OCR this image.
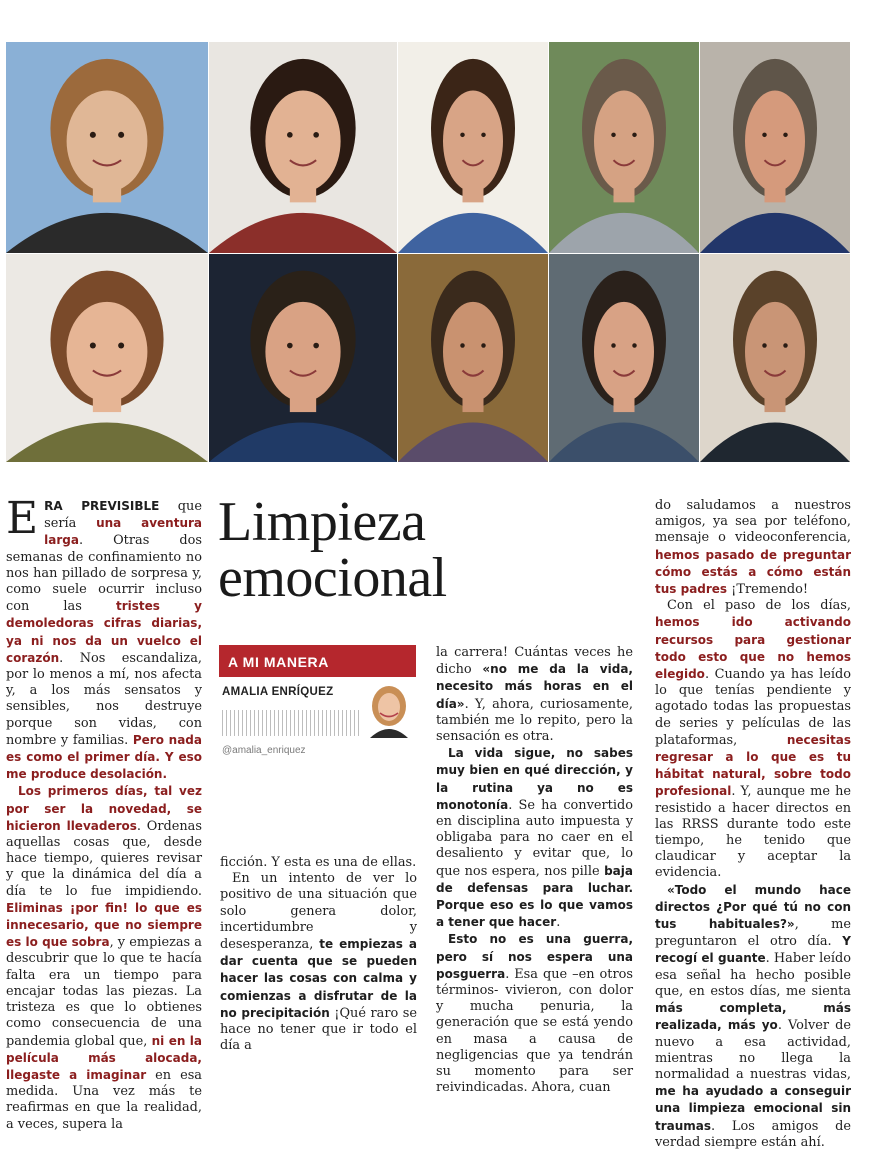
ERA PREVISIBLE que sería una aventura larga. Otras dos semanas de confinamiento no nos han pillado de sorpresa y, como suele ocurrir incluso con las tristes y demoledoras cifras diarias, ya ni nos da un vuelco el corazón. Nos escandaliza, por lo menos a mí, nos afecta y, a los más sensatos y sensibles, nos destruye porque son vidas, con nombre y familias. Pero nada es como el primer día. Y eso me produce desolación.

Los primeros días, tal vez por ser la novedad, se hicieron llevaderos. Ordenas aquellas cosas que, desde hace tiempo, quieres revisar y que la dinámica del día a día te lo fue impidiendo. Eliminas ¡por fin! lo que es innecesario, que no siempre es lo que sobra, y empiezas a descubrir que lo que te hacía falta era un tiempo para encajar todas las piezas. La tristeza es que lo obtienes como consecuencia de una pandemia global que, ni en la película más alocada, llegaste a imaginar en esa medida. Una vez más te reafirmas en que la realidad, a veces, supera la

Limpieza
emocional
A MI MANERA
AMALIA ENRÍQUEZ
@amalia_enriquez

ficción. Y esta es una de ellas.

En un intento de ver lo positivo de una situación que solo genera dolor, incertidumbre y desesperanza, te empiezas a dar cuenta que se pueden hacer las cosas con calma y comienzas a disfrutar de la no precipitación ¡Qué raro se hace no tener que ir todo el día a

la carrera! Cuántas veces he dicho «no me da la vida, necesito más horas en el día». Y, ahora, curiosamente, también me lo repito, pero la sensación es otra.

La vida sigue, no sabes muy bien en qué dirección, y la rutina ya no es monotonía. Se ha convertido en disciplina auto impuesta y obligaba para no caer en el desaliento y evitar que, lo que nos espera, nos pille baja de defensas para luchar. Porque eso es lo que vamos a tener que hacer.

Esto no es una guerra, pero sí nos espera una posguerra. Esa que –en otros términos- vivieron, con dolor y mucha penuria, la generación que se está yendo en masa a causa de negligencias que ya tendrán su momento para ser reivindicadas. Ahora, cuan

do saludamos a nuestros amigos, ya sea por teléfono, mensaje o videoconferencia, hemos pasado de preguntar cómo estás a cómo están tus padres ¡Tremendo!

Con el paso de los días, hemos ido activando recursos para gestionar todo esto que no hemos elegido. Cuando ya has leído lo que tenías pendiente y agotado todas las propuestas de series y películas de las plataformas, necesitas regresar a lo que es tu hábitat natural, sobre todo profesional. Y, aunque me he resistido a hacer directos en las RRSS durante todo este tiempo, he tenido que claudicar y aceptar la evidencia.

«Todo el mundo hace directos ¿Por qué tú no con tus habituales?», me preguntaron el otro día. Y recogí el guante. Haber leído esa señal ha hecho posible que, en estos días, me sienta más completa, más realizada, más yo. Volver de nuevo a esa actividad, mientras no llega la normalidad a nuestras vidas, me ha ayudado a conseguir una limpieza emocional sin traumas. Los amigos de verdad siempre están ahí.
